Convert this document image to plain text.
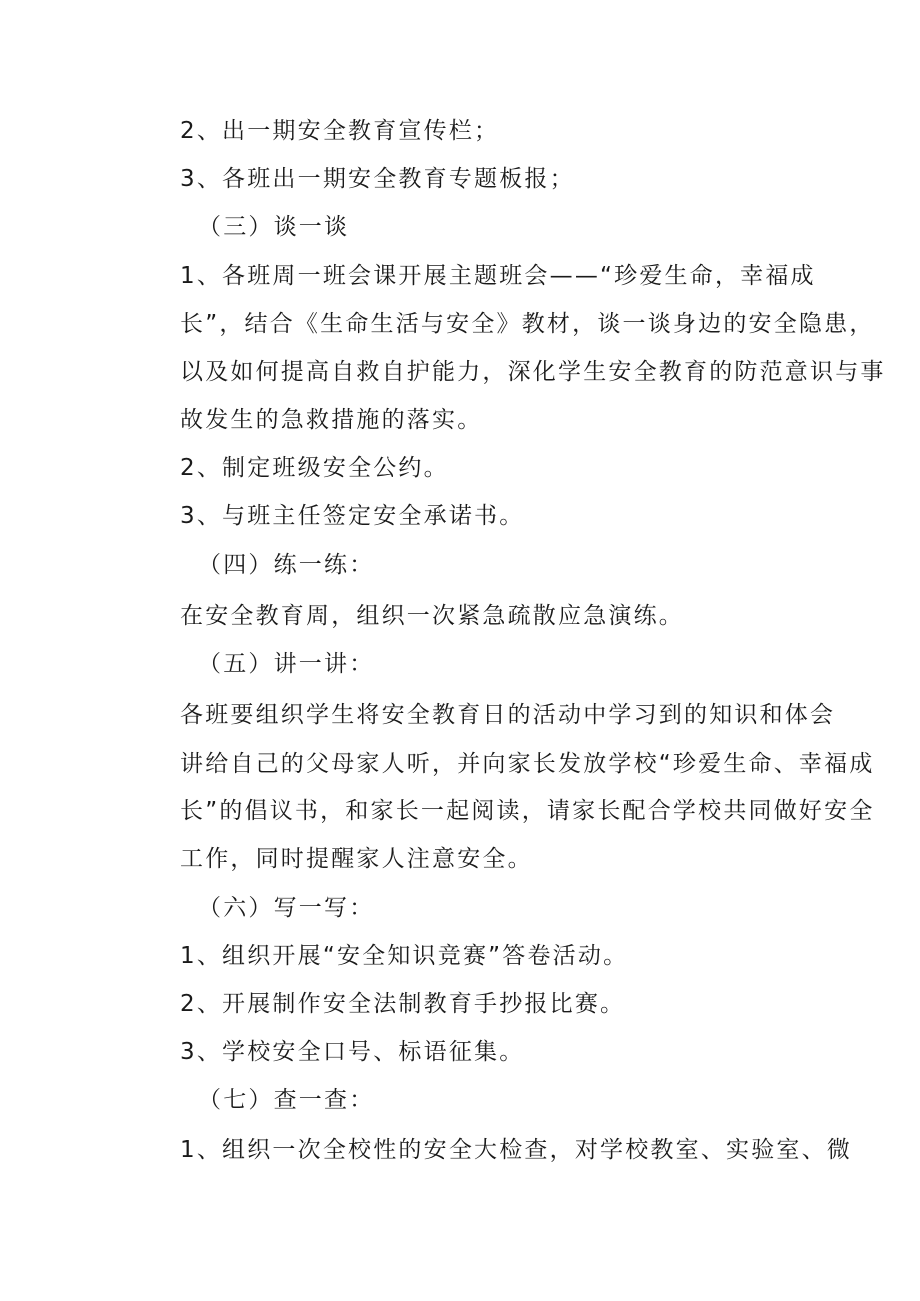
2、出一期安全教育宣传栏；
3、各班出一期安全教育专题板报；
（三）谈一谈
1、各班周一班会课开展主题班会——“珍爱生命，幸福成
长”，结合《生命生活与安全》教材，谈一谈身边的安全隐患，
以及如何提高自救自护能力，深化学生安全教育的防范意识与事
故发生的急救措施的落实。
2、制定班级安全公约。
3、与班主任签定安全承诺书。
（四）练一练：
在安全教育周，组织一次紧急疏散应急演练。
（五）讲一讲：
各班要组织学生将安全教育日的活动中学习到的知识和体会
讲给自己的父母家人听，并向家长发放学校“珍爱生命、幸福成
长”的倡议书，和家长一起阅读，请家长配合学校共同做好安全
工作，同时提醒家人注意安全。
（六）写一写：
1、组织开展“安全知识竞赛”答卷活动。
2、开展制作安全法制教育手抄报比赛。
3、学校安全口号、标语征集。
（七）查一查：
1、组织一次全校性的安全大检查，对学校教室、实验室、微
